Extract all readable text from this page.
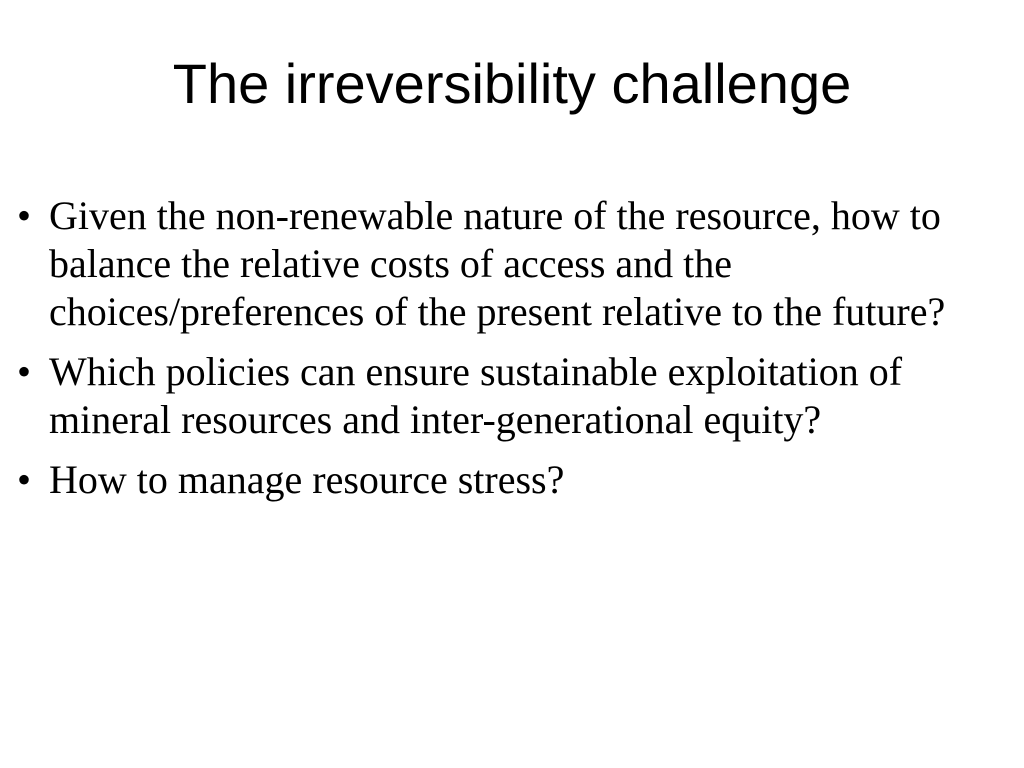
The irreversibility challenge
• Given the non-renewable nature of the resource, how to balance the relative costs of access and the choices/preferences of the present relative to the future?
• Which policies can ensure sustainable exploitation of mineral resources and inter-generational equity?
• How to manage resource stress?
